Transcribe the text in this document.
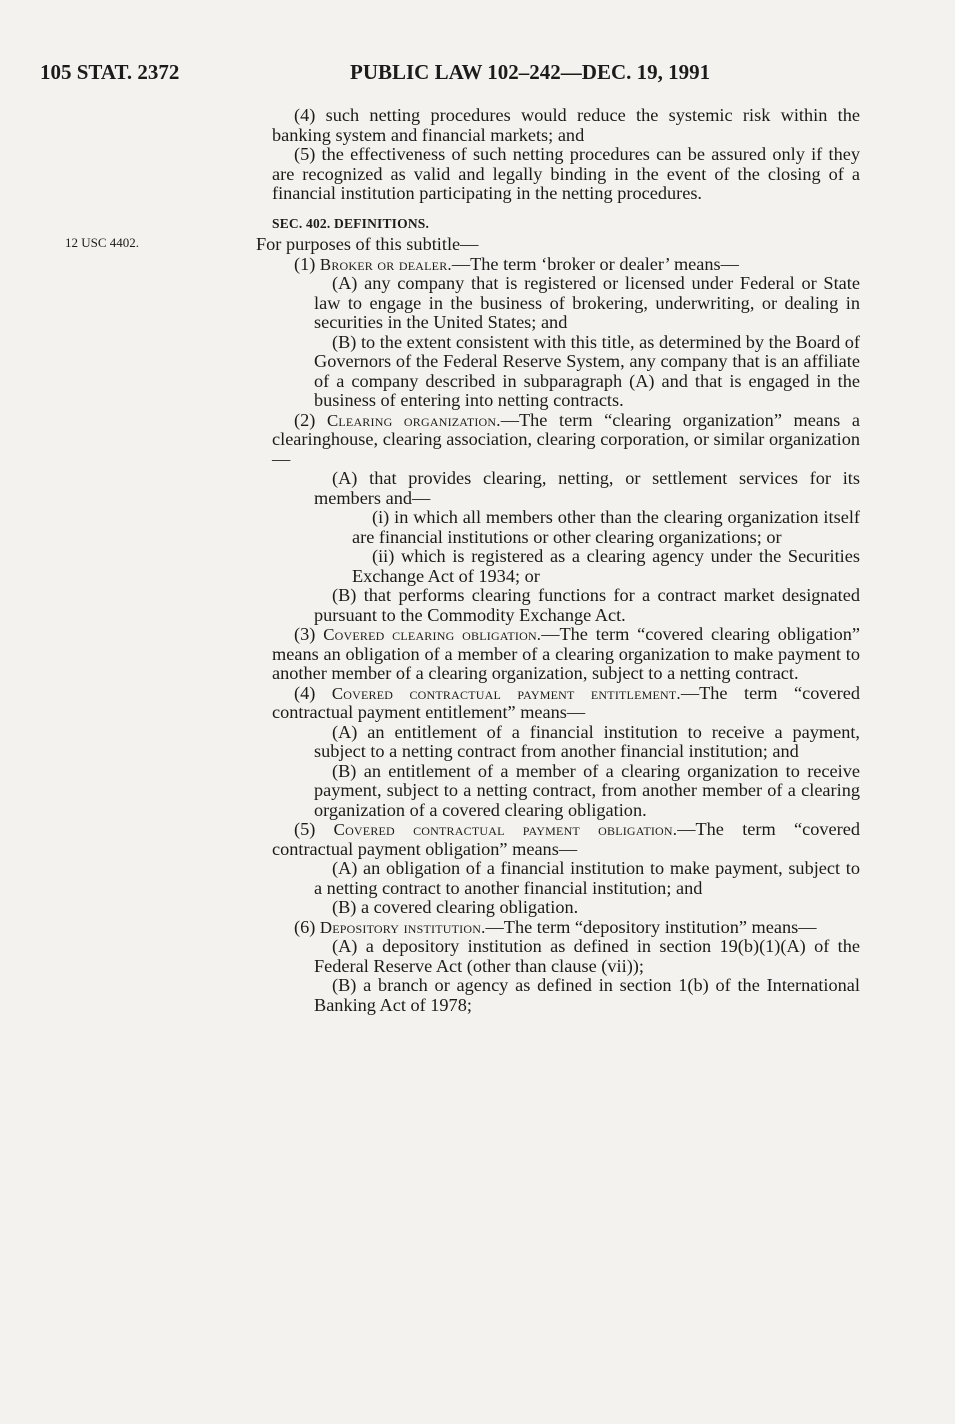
105 STAT. 2372	PUBLIC LAW 102–242—DEC. 19, 1991
12 USC 4402.

(4) such netting procedures would reduce the systemic risk within the banking system and financial markets; and

(5) the effectiveness of such netting procedures can be assured only if they are recognized as valid and legally binding in the event of the closing of a financial institution participating in the netting procedures.

SEC. 402. DEFINITIONS.

For purposes of this subtitle—

(1) Broker or dealer.—The term ‘broker or dealer’ means—

(A) any company that is registered or licensed under Federal or State law to engage in the business of brokering, underwriting, or dealing in securities in the United States; and

(B) to the extent consistent with this title, as determined by the Board of Governors of the Federal Reserve System, any company that is an affiliate of a company described in subparagraph (A) and that is engaged in the business of entering into netting contracts.

(2) Clearing organization.—The term “clearing organization” means a clearinghouse, clearing association, clearing corporation, or similar organization—

(A) that provides clearing, netting, or settlement services for its members and—

(i) in which all members other than the clearing organization itself are financial institutions or other clearing organizations; or

(ii) which is registered as a clearing agency under the Securities Exchange Act of 1934; or

(B) that performs clearing functions for a contract market designated pursuant to the Commodity Exchange Act.

(3) Covered clearing obligation.—The term “covered clearing obligation” means an obligation of a member of a clearing organization to make payment to another member of a clearing organization, subject to a netting contract.

(4) Covered contractual payment entitlement.—The term “covered contractual payment entitlement” means—

(A) an entitlement of a financial institution to receive a payment, subject to a netting contract from another financial institution; and

(B) an entitlement of a member of a clearing organization to receive payment, subject to a netting contract, from another member of a clearing organization of a covered clearing obligation.

(5) Covered contractual payment obligation.—The term “covered contractual payment obligation” means—

(A) an obligation of a financial institution to make payment, subject to a netting contract to another financial institution; and

(B) a covered clearing obligation.

(6) Depository institution.—The term “depository institution” means—

(A) a depository institution as defined in section 19(b)(1)(A) of the Federal Reserve Act (other than clause (vii));

(B) a branch or agency as defined in section 1(b) of the International Banking Act of 1978;
